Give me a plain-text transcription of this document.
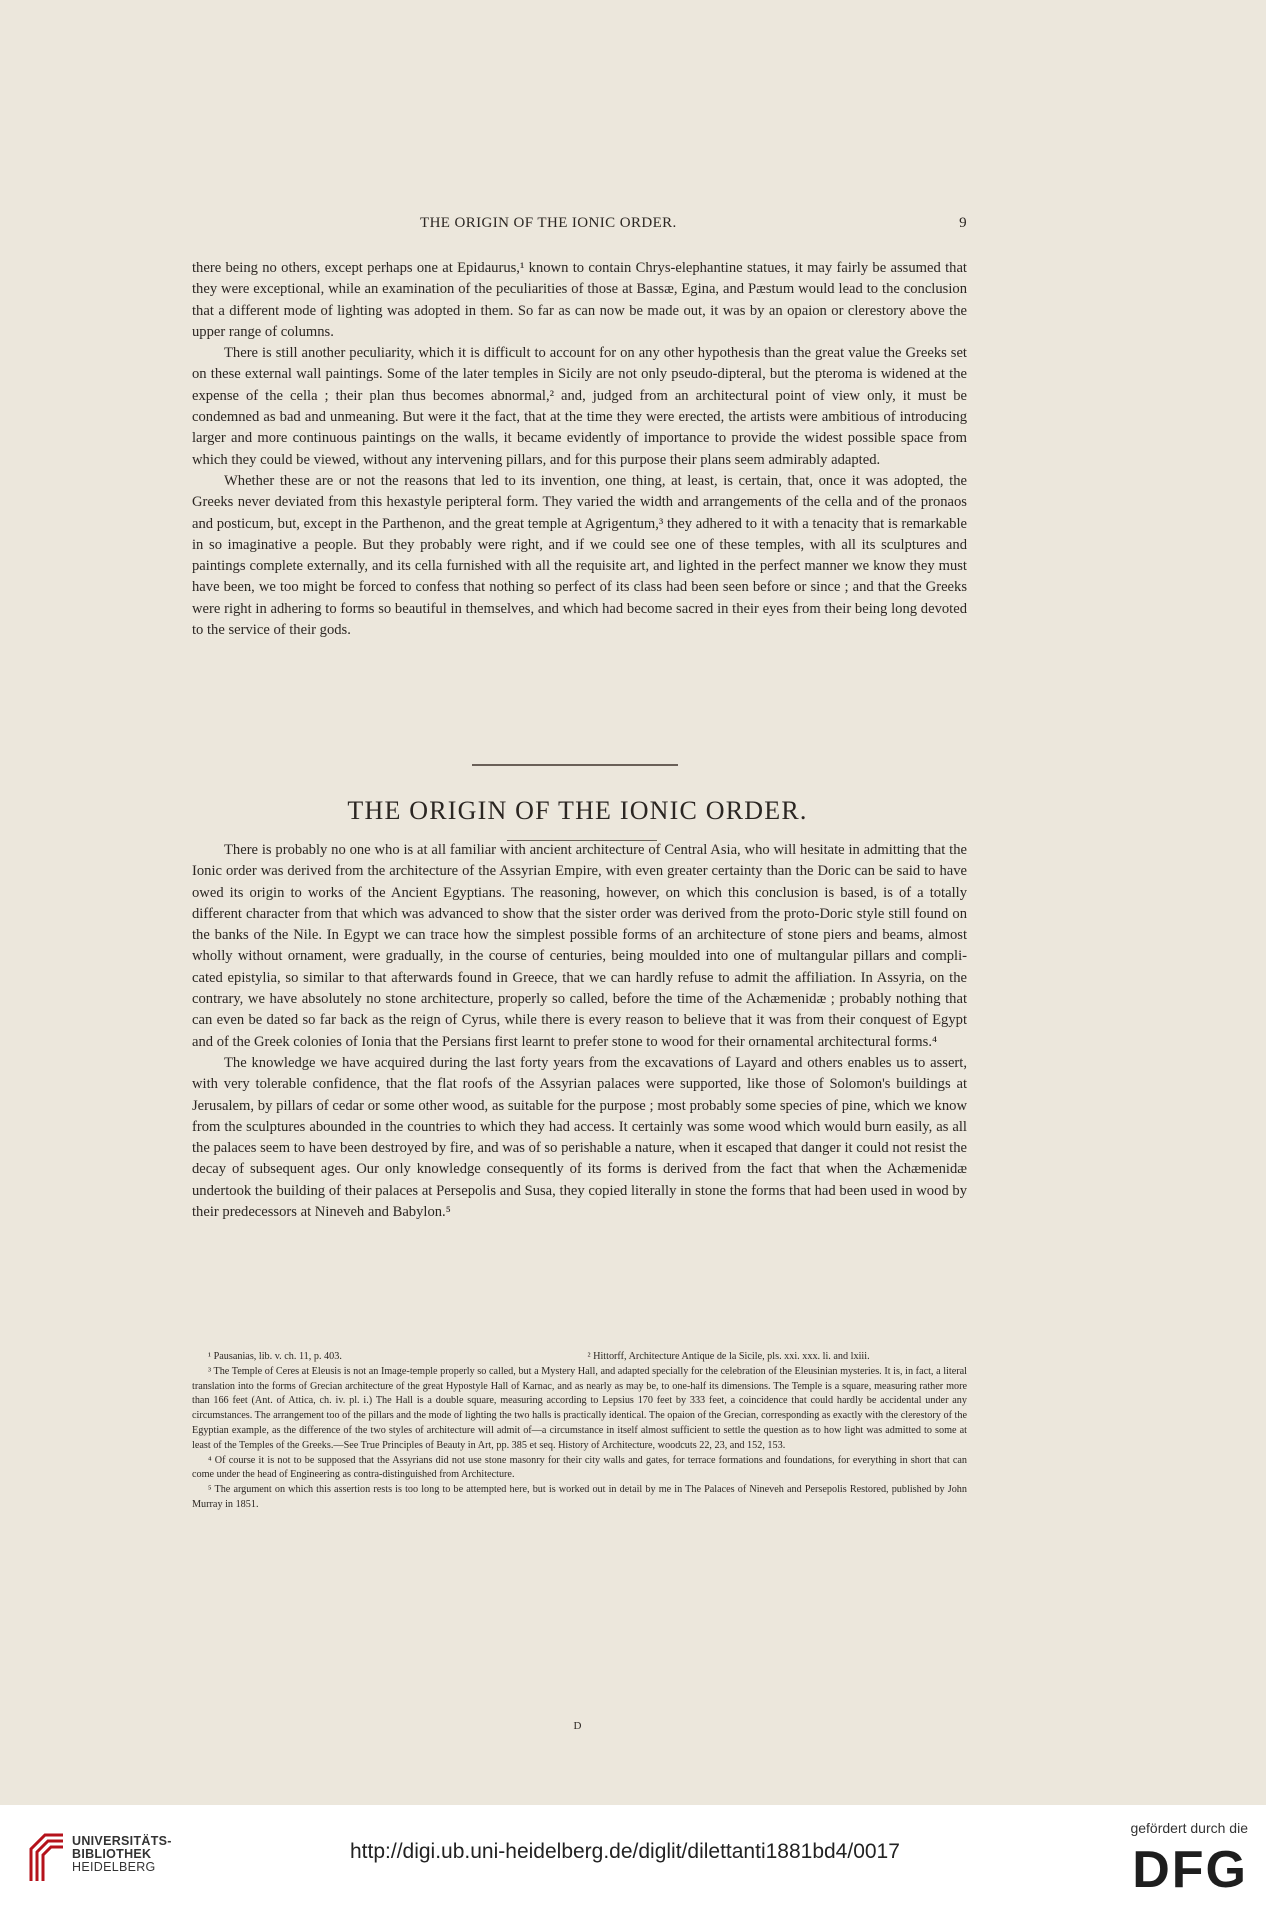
THE ORIGIN OF THE IONIC ORDER.	9

there being no others, except perhaps one at Epidaurus,¹ known to contain Chrys-elephantine statues, it may fairly be assumed that they were exceptional, while an examination of the peculiarities of those at Bassæ, Egina, and Pæstum would lead to the conclusion that a different mode of lighting was adopted in them. So far as can now be made out, it was by an opaion or clerestory above the upper range of columns.

There is still another peculiarity, which it is difficult to account for on any other hypothesis than the great value the Greeks set on these external wall paintings. Some of the later temples in Sicily are not only pseudo-dipteral, but the pteroma is widened at the expense of the cella ; their plan thus becomes abnormal,² and, judged from an architectural point of view only, it must be condemned as bad and unmeaning. But were it the fact, that at the time they were erected, the artists were ambitious of introducing larger and more continuous paintings on the walls, it became evidently of importance to provide the widest possible space from which they could be viewed, without any intervening pillars, and for this purpose their plans seem admirably adapted.

Whether these are or not the reasons that led to its invention, one thing, at least, is certain, that, once it was adopted, the Greeks never deviated from this hexastyle peripteral form. They varied the width and arrangements of the cella and of the pronaos and posticum, but, except in the Parthenon, and the great temple at Agrigentum,³ they adhered to it with a tenacity that is remarkable in so imaginative a people. But they probably were right, and if we could see one of these temples, with all its sculptures and paintings complete externally, and its cella furnished with all the requisite art, and lighted in the perfect manner we know they must have been, we too might be forced to confess that nothing so perfect of its class had been seen before or since ; and that the Greeks were right in adhering to forms so beautiful in themselves, and which had become sacred in their eyes from their being long devoted to the service of their gods.

THE ORIGIN OF THE IONIC ORDER.

There is probably no one who is at all familiar with ancient architecture of Central Asia, who will hesitate in admitting that the Ionic order was derived from the architecture of the Assyrian Empire, with even greater certainty than the Doric can be said to have owed its origin to works of the Ancient Egyptians. The reasoning, however, on which this conclusion is based, is of a totally different character from that which was advanced to show that the sister order was derived from the proto-Doric style still found on the banks of the Nile. In Egypt we can trace how the simplest possible forms of an architecture of stone piers and beams, almost wholly without ornament, were gradually, in the course of centuries, being moulded into one of multangular pillars and compli-cated epistylia, so similar to that afterwards found in Greece, that we can hardly refuse to admit the affiliation. In Assyria, on the contrary, we have absolutely no stone architecture, properly so called, before the time of the Achæmenidæ ; probably nothing that can even be dated so far back as the reign of Cyrus, while there is every reason to believe that it was from their conquest of Egypt and of the Greek colonies of Ionia that the Persians first learnt to prefer stone to wood for their ornamental architectural forms.⁴

The knowledge we have acquired during the last forty years from the excavations of Layard and others enables us to assert, with very tolerable confidence, that the flat roofs of the Assyrian palaces were supported, like those of Solomon's buildings at Jerusalem, by pillars of cedar or some other wood, as suitable for the purpose ; most probably some species of pine, which we know from the sculptures abounded in the countries to which they had access. It certainly was some wood which would burn easily, as all the palaces seem to have been destroyed by fire, and was of so perishable a nature, when it escaped that danger it could not resist the decay of subsequent ages. Our only knowledge consequently of its forms is derived from the fact that when the Achæmenidæ undertook the building of their palaces at Persepolis and Susa, they copied literally in stone the forms that had been used in wood by their predecessors at Nineveh and Babylon.⁵

¹ Pausanias, lib. v. ch. 11, p. 403.	² Hittorff, Architecture Antique de la Sicile, pls. xxi. xxx. li. and lxiii.

³ The Temple of Ceres at Eleusis is not an Image-temple properly so called, but a Mystery Hall, and adapted specially for the celebration of the Eleusinian mysteries. It is, in fact, a literal translation into the forms of Grecian architecture of the great Hypostyle Hall of Karnac, and as nearly as may be, to one-half its dimensions. The Temple is a square, measuring rather more than 166 feet (Ant. of Attica, ch. iv. pl. i.) The Hall is a double square, measuring according to Lepsius 170 feet by 333 feet, a coincidence that could hardly be accidental under any circumstances. The arrangement too of the pillars and the mode of lighting the two halls is practically identical. The opaion of the Grecian, corresponding as exactly with the clerestory of the Egyptian example, as the difference of the two styles of architecture will admit of—a circumstance in itself almost sufficient to settle the question as to how light was admitted to some at least of the Temples of the Greeks.—See True Principles of Beauty in Art, pp. 385 et seq. History of Architecture, woodcuts 22, 23, and 152, 153.

⁴ Of course it is not to be supposed that the Assyrians did not use stone masonry for their city walls and gates, for terrace formations and foundations, for everything in short that can come under the head of Engineering as contra-distinguished from Architecture.

⁵ The argument on which this assertion rests is too long to be attempted here, but is worked out in detail by me in The Palaces of Nineveh and Persepolis Restored, published by John Murray in 1851.

D
UNIVERSITÄTS-
BIBLIOTHEK
HEIDELBERG
http://digi.ub.uni-heidelberg.de/diglit/dilettanti1881bd4/0017
gefördert durch die
DFG
